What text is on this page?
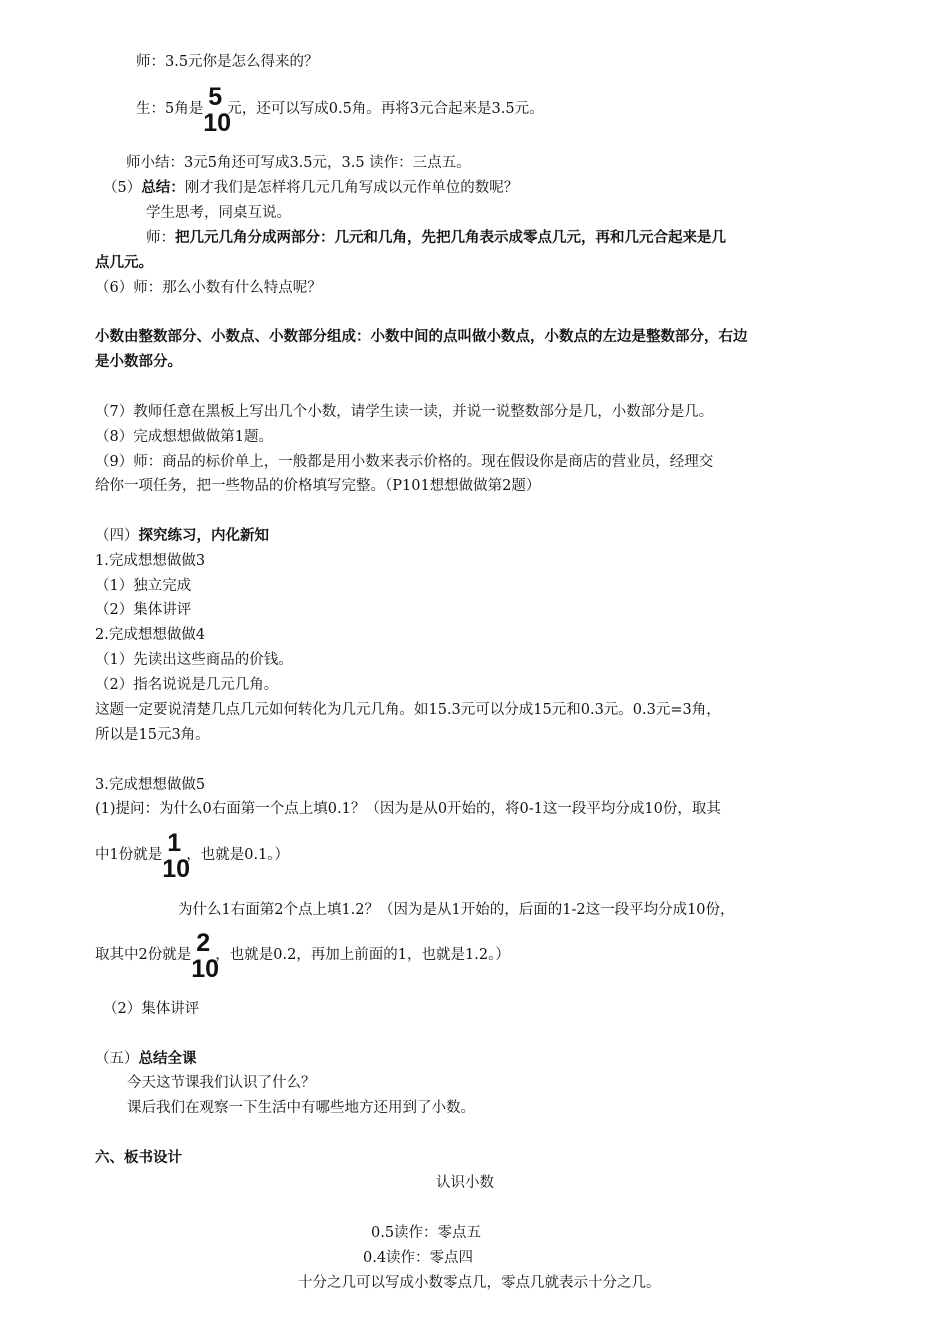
师：3.5元你是怎么得来的？
生：5角是 5
10
元，还可以写成0.5角。再将3元合起来是3.5元。
师小结：3元5角还可写成3.5元，3.5 读作：三点五。
（5）总结：刚才我们是怎样将几元几角写成以元作单位的数呢？
学生思考，同桌互说。
师：把几元几角分成两部分：几元和几角，先把几角表示成零点几元，再和几元合起来是几
点几元。
（6）师：那么小数有什么特点呢？
小数由整数部分、小数点、小数部分组成：小数中间的点叫做小数点，小数点的左边是整数部分，右边
是小数部分。
（7）教师任意在黑板上写出几个小数，请学生读一读，并说一说整数部分是几，小数部分是几。
（8）完成想想做做第1题。
（9）师：商品的标价单上，一般都是用小数来表示价格的。现在假设你是商店的营业员，经理交
给你一项任务，把一些物品的价格填写完整。（P101想想做做第2题）
（四）探究练习，内化新知
1.完成想想做做3
（1）独立完成
（2）集体讲评
2.完成想想做做4
（1）先读出这些商品的价钱。
（2）指名说说是几元几角。
这题一定要说清楚几点几元如何转化为几元几角。如15.3元可以分成15元和0.3元。0.3元=3角，
所以是15元3角。
3.完成想想做做5
(1)提问：为什么0右面第一个点上填0.1？（因为是从0开始的，将0-1这一段平均分成10份，取其
中1份就是 1
10
，也就是0.1。）
为什么1右面第2个点上填1.2？（因为是从1开始的，后面的1-2这一段平均分成10份，
取其中2份就是 2
10
，也就是0.2，再加上前面的1，也就是1.2。）
（2）集体讲评
（五）总结全课
今天这节课我们认识了什么？
课后我们在观察一下生活中有哪些地方还用到了小数。
六、板书设计
认识小数
0.5读作：零点五
0.4读作：零点四
十分之几可以写成小数零点几，零点几就表示十分之几。
